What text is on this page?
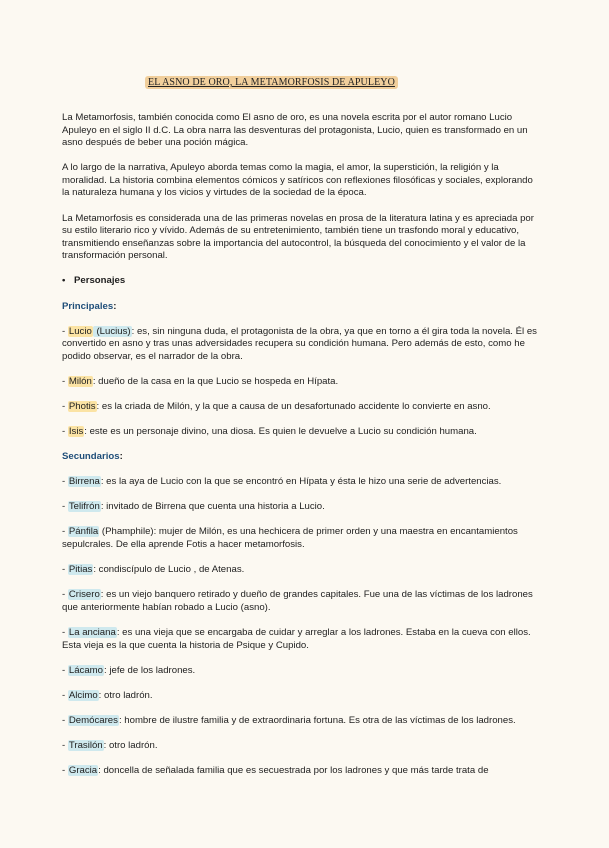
EL ASNO DE ORO, LA METAMORFOSIS DE APULEYO

La Metamorfosis, también conocida como El asno de oro, es una novela escrita por el autor romano Lucio Apuleyo en el siglo II d.C. La obra narra las desventuras del protagonista, Lucio, quien es transformado en un asno después de beber una poción mágica.

A lo largo de la narrativa, Apuleyo aborda temas como la magia, el amor, la superstición, la religión y la moralidad. La historia combina elementos cómicos y satíricos con reflexiones filosóficas y sociales, explorando la naturaleza humana y los vicios y virtudes de la sociedad de la época.

La Metamorfosis es considerada una de las primeras novelas en prosa de la literatura latina y es apreciada por su estilo literario rico y vívido. Además de su entretenimiento, también tiene un trasfondo moral y educativo, transmitiendo enseñanzas sobre la importancia del autocontrol, la búsqueda del conocimiento y el valor de la transformación personal.

• Personajes
Principales:
- Lucio (Lucius): es, sin ninguna duda, el protagonista de la obra, ya que en torno a él gira toda la novela. Él es convertido en asno y tras unas adversidades recupera su condición humana. Pero además de esto, como he podido observar, es el narrador de la obra.
- Milón: dueño de la casa en la que Lucio se hospeda en Hípata.
- Photis: es la criada de Milón, y la que a causa de un desafortunado accidente lo convierte en asno.
- Isis: este es un personaje divino, una diosa. Es quien le devuelve a Lucio su condición humana.
Secundarios:
- Birrena: es la aya de Lucio con la que se encontró en Hípata y ésta le hizo una serie de advertencias.
- Telifrón: invitado de Birrena que cuenta una historia a Lucio.
- Pánfila (Phamphile): mujer de Milón, es una hechicera de primer orden y una maestra en encantamientos sepulcrales. De ella aprende Fotis a hacer metamorfosis.
- Pitias: condiscípulo de Lucio , de Atenas.
- Crisero: es un viejo banquero retirado y dueño de grandes capitales. Fue una de las víctimas de los ladrones que anteriormente habían robado a Lucio (asno).
- La anciana: es una vieja que se encargaba de cuidar y arreglar a los ladrones. Estaba en la cueva con ellos. Esta vieja es la que cuenta la historia de Psique y Cupido.
- Lácamo: jefe de los ladrones.
- Alcimo: otro ladrón.
- Demócares: hombre de ilustre familia y de extraordinaria fortuna. Es otra de las víctimas de los ladrones.
- Trasilón: otro ladrón.
- Gracia: doncella de señalada familia que es secuestrada por los ladrones y que más tarde trata de
